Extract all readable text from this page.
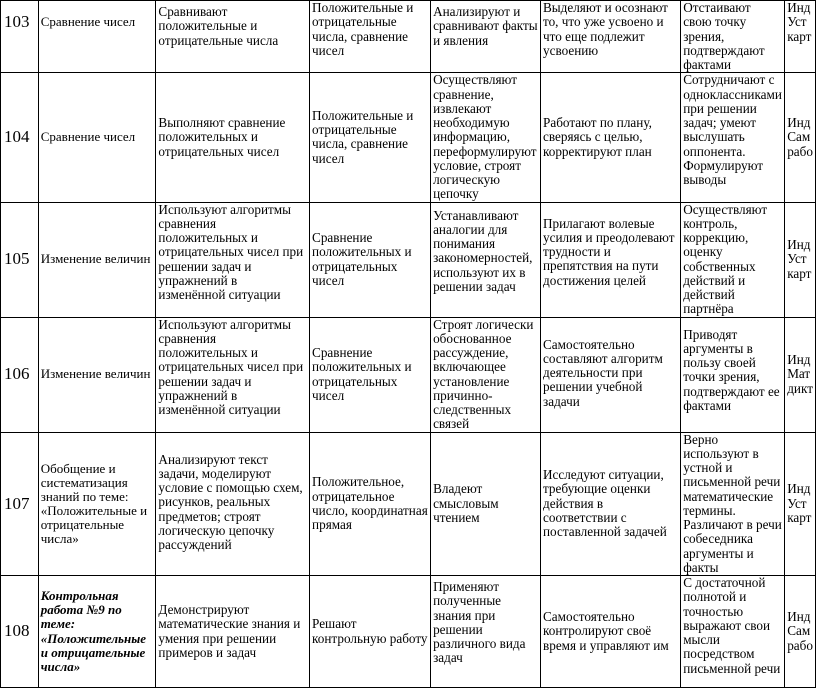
103	Сравнение чисел	Сравнивают положительные и отрицательные числа	Положительные и отрицательные числа, сравнение чисел	Анализируют и сравнивают факты и явления	Выделяют и осознают то, что уже усвоено и что еще подлежит усвоению	Отстаивают свою точку зрения, подтверждают фактами	Инд Уст карт
104	Сравнение чисел	Выполняют сравнение положительных и отрицательных чисел	Положительные и отрицательные числа, сравнение чисел	Осуществляют сравнение, извлекают необходимую информацию, переформулируют условие, строят логическую цепочку	Работают по плану, сверяясь с целью, корректируют план	Сотрудничают с одноклассниками при решении задач; умеют выслушать оппонента. Формулируют выводы	Инд Сам рабо
105	Изменение величин	Используют алгоритмы сравнения положительных и отрицательных чисел при решении задач и упражнений в изменённой ситуации	Сравнение положительных и отрицательных чисел	Устанавливают аналогии для понимания закономерностей, используют их в решении задач	Прилагают волевые усилия и преодолевают трудности и препятствия на пути достижения целей	Осуществляют контроль, коррекцию, оценку собственных действий и действий партнёра	Инд Уст карт
106	Изменение величин	Используют алгоритмы сравнения положительных и отрицательных чисел при решении задач и упражнений в изменённой ситуации	Сравнение положительных и отрицательных чисел	Строят логически обоснованное рассуждение, включающее установление причинно-следственных связей	Самостоятельно составляют алгоритм деятельности при решении учебной задачи	Приводят аргументы в пользу своей точки зрения, подтверждают ее фактами	Инд Мат дикт
107	Обобщение и систематизация знаний по теме: «Положительные и отрицательные числа»	Анализируют текст задачи, моделируют условие с помощью схем, рисунков, реальных предметов; строят логическую цепочку рассуждений	Положительное, отрицательное число, координатная прямая	Владеют смысловым чтением	Исследуют ситуации, требующие оценки действия в соответствии с поставленной задачей	Верно используют в устной и письменной речи математические термины. Различают в речи собеседника аргументы и факты	Инд Уст карт
108	Контрольная работа №9 по теме: «Положительные и отрицательные числа»	Демонстрируют математические знания и умения при решении примеров и задач	Решают контрольную работу	Применяют полученные знания при решении различного вида задач	Самостоятельно контролируют своё время и управляют им	С достаточной полнотой и точностью выражают свои мысли посредством письменной речи	Инд Сам рабо
